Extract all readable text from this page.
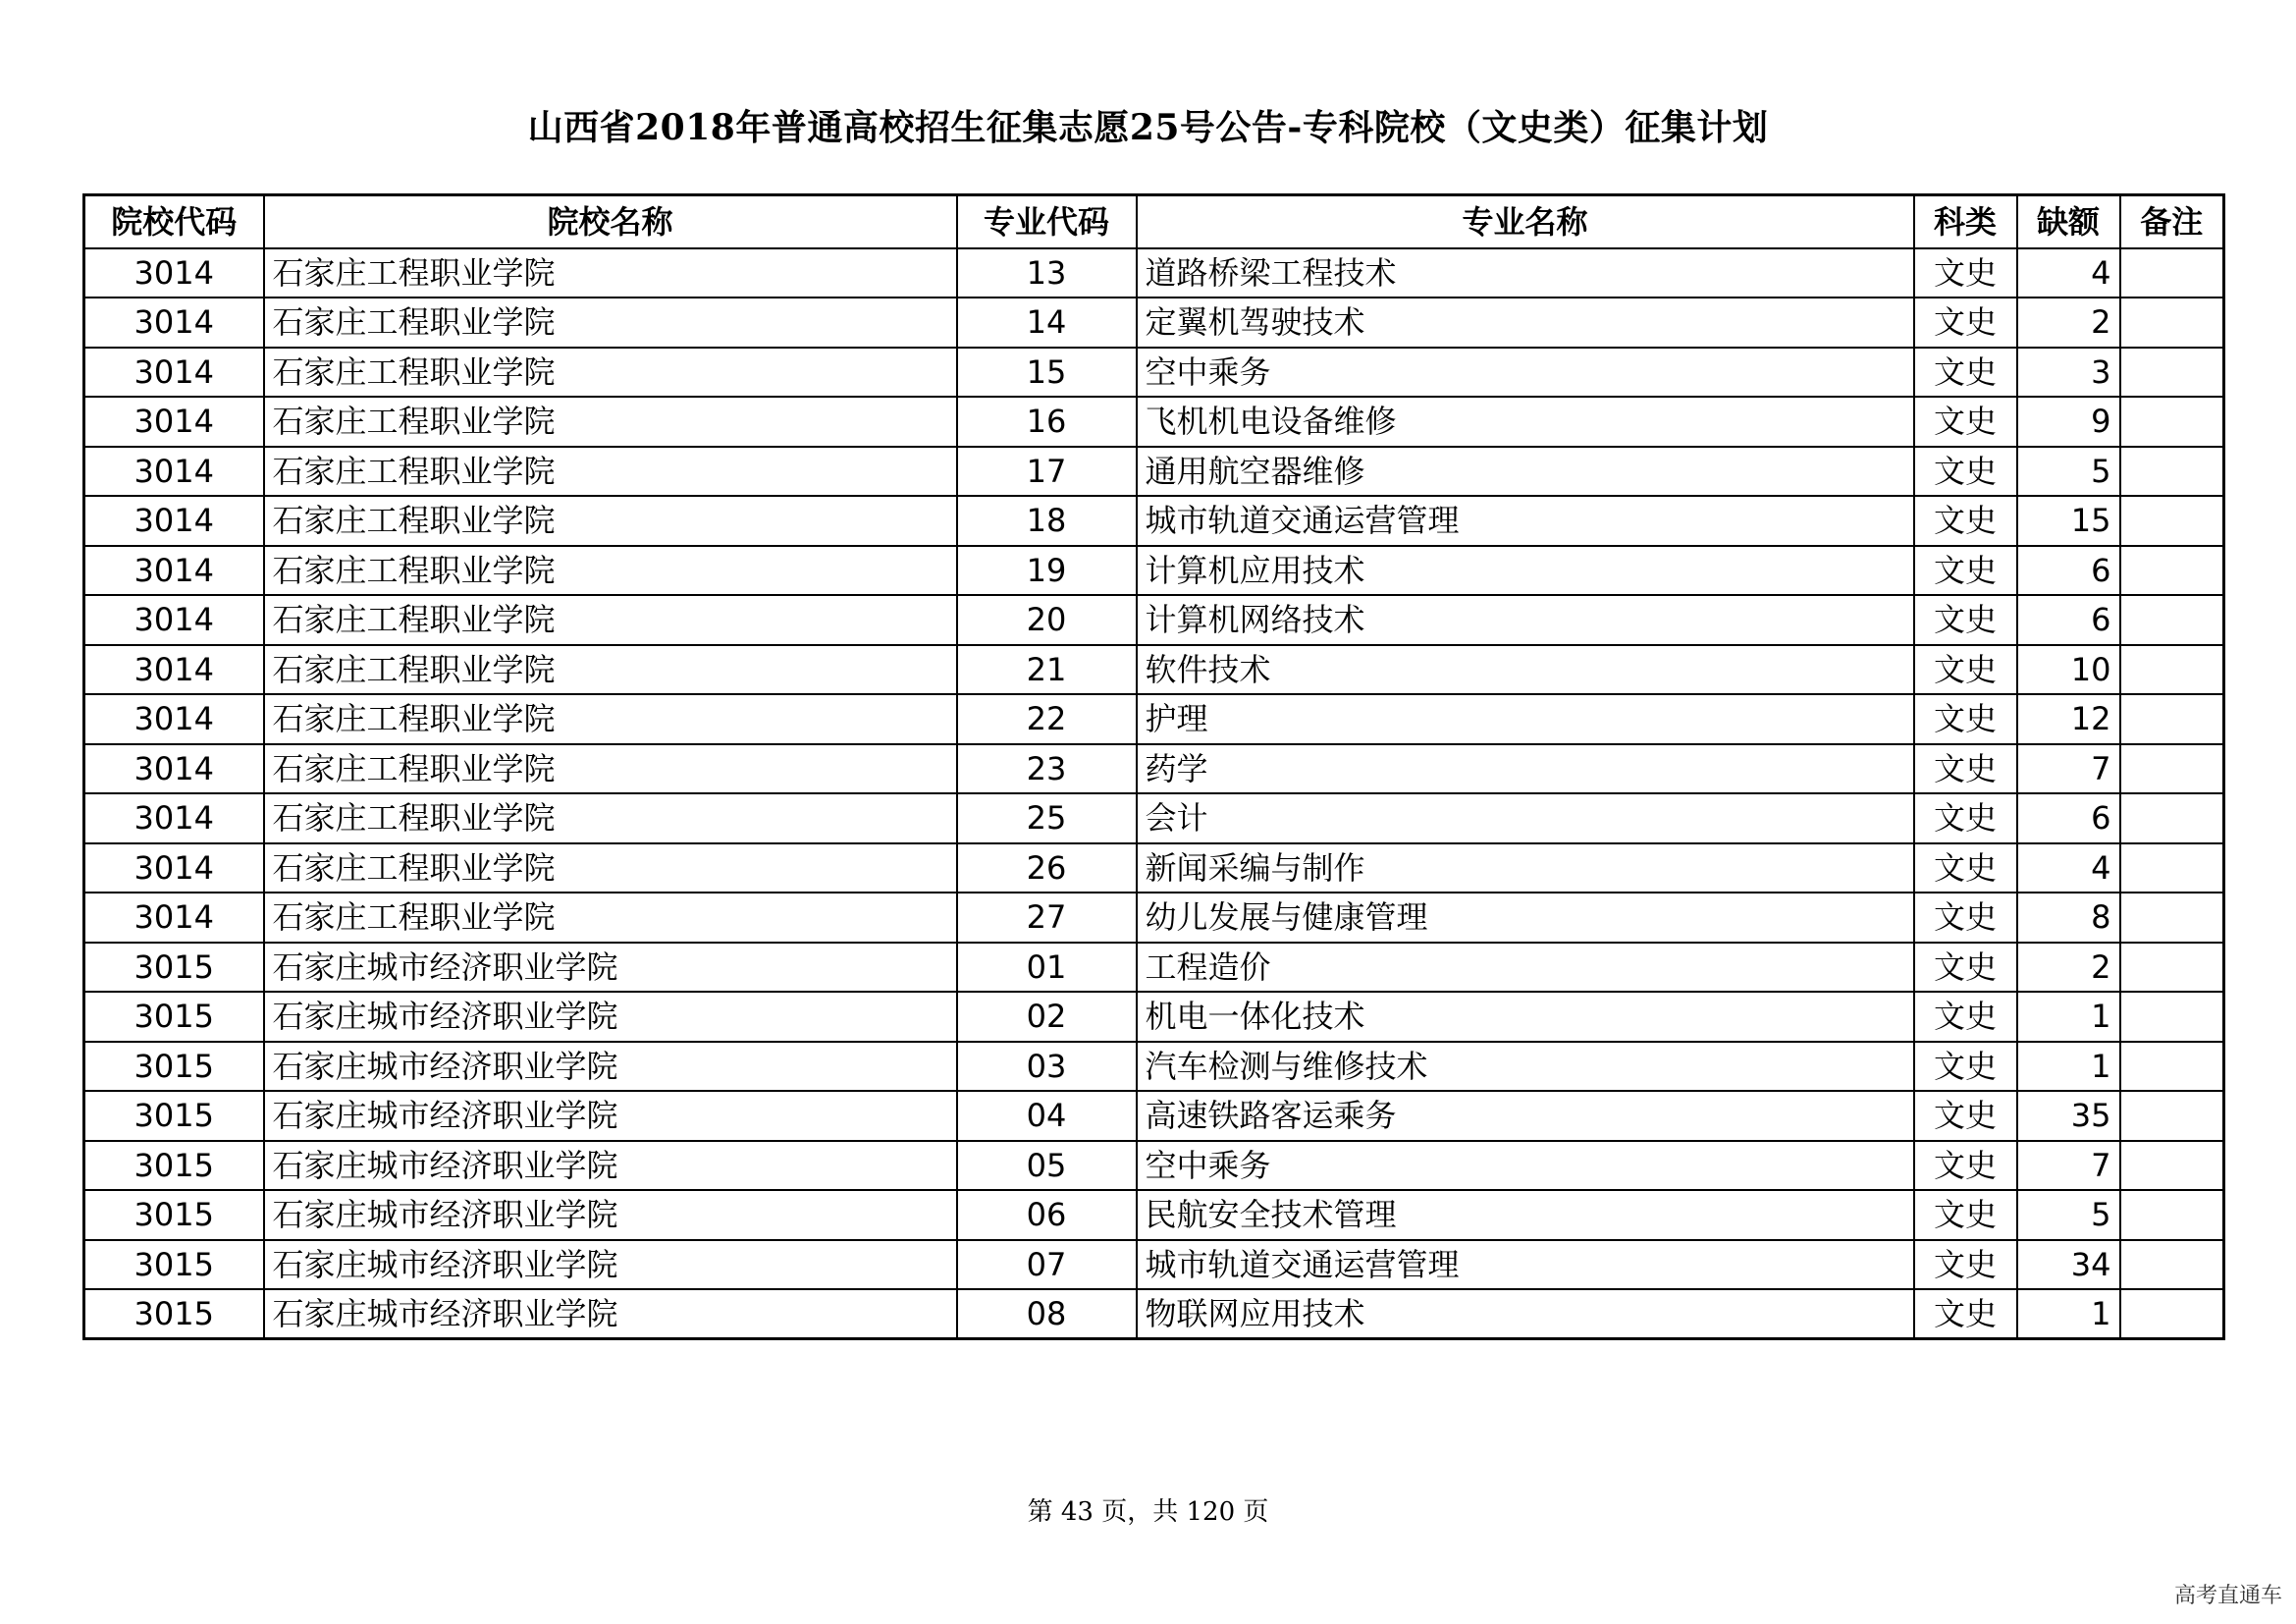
山西省2018年普通高校招生征集志愿25号公告-专科院校（文史类）征集计划
院校代码	院校名称	专业代码	专业名称	科类	缺额	备注
3014	石家庄工程职业学院	13	道路桥梁工程技术	文史	4	
3014	石家庄工程职业学院	14	定翼机驾驶技术	文史	2	
3014	石家庄工程职业学院	15	空中乘务	文史	3	
3014	石家庄工程职业学院	16	飞机机电设备维修	文史	9	
3014	石家庄工程职业学院	17	通用航空器维修	文史	5	
3014	石家庄工程职业学院	18	城市轨道交通运营管理	文史	15	
3014	石家庄工程职业学院	19	计算机应用技术	文史	6	
3014	石家庄工程职业学院	20	计算机网络技术	文史	6	
3014	石家庄工程职业学院	21	软件技术	文史	10	
3014	石家庄工程职业学院	22	护理	文史	12	
3014	石家庄工程职业学院	23	药学	文史	7	
3014	石家庄工程职业学院	25	会计	文史	6	
3014	石家庄工程职业学院	26	新闻采编与制作	文史	4	
3014	石家庄工程职业学院	27	幼儿发展与健康管理	文史	8	
3015	石家庄城市经济职业学院	01	工程造价	文史	2	
3015	石家庄城市经济职业学院	02	机电一体化技术	文史	1	
3015	石家庄城市经济职业学院	03	汽车检测与维修技术	文史	1	
3015	石家庄城市经济职业学院	04	高速铁路客运乘务	文史	35	
3015	石家庄城市经济职业学院	05	空中乘务	文史	7	
3015	石家庄城市经济职业学院	06	民航安全技术管理	文史	5	
3015	石家庄城市经济职业学院	07	城市轨道交通运营管理	文史	34	
3015	石家庄城市经济职业学院	08	物联网应用技术	文史	1	
第 43 页，共 120 页
高考直通车
